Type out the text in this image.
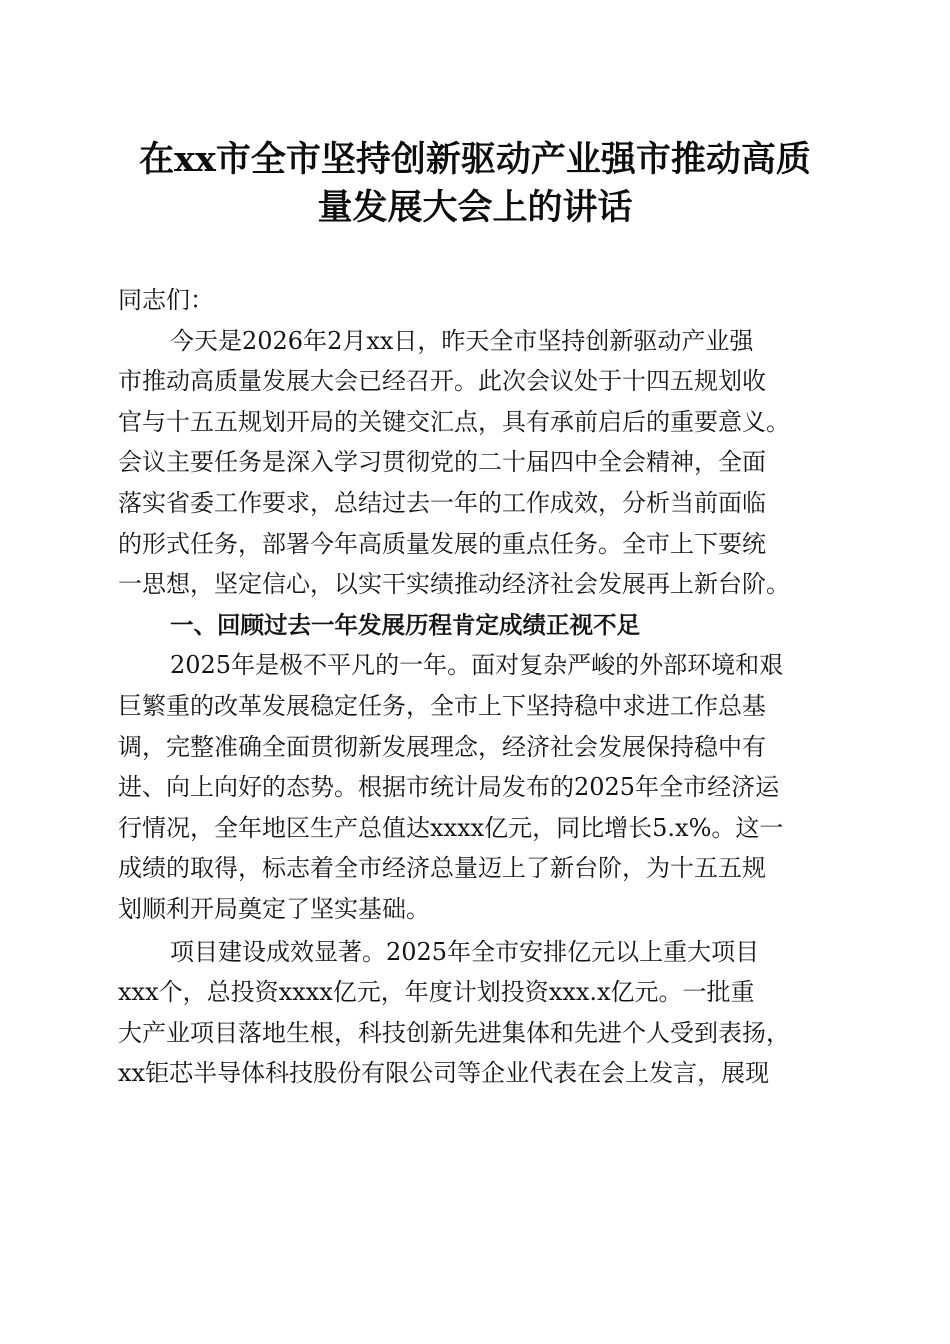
在xx市全市坚持创新驱动产业强市推动高质
量发展大会上的讲话
同志们：
今天是2026年2月xx日，昨天全市坚持创新驱动产业强
市推动高质量发展大会已经召开。此次会议处于十四五规划收
官与十五五规划开局的关键交汇点，具有承前启后的重要意义。
会议主要任务是深入学习贯彻党的二十届四中全会精神，全面
落实省委工作要求，总结过去一年的工作成效，分析当前面临
的形式任务，部署今年高质量发展的重点任务。全市上下要统
一思想，坚定信心，以实干实绩推动经济社会发展再上新台阶。
一、回顾过去一年发展历程肯定成绩正视不足
2025年是极不平凡的一年。面对复杂严峻的外部环境和艰
巨繁重的改革发展稳定任务，全市上下坚持稳中求进工作总基
调，完整准确全面贯彻新发展理念，经济社会发展保持稳中有
进、向上向好的态势。根据市统计局发布的2025年全市经济运
行情况，全年地区生产总值达xxxx亿元，同比增长5.x%。这一
成绩的取得，标志着全市经济总量迈上了新台阶，为十五五规
划顺利开局奠定了坚实基础。
项目建设成效显著。2025年全市安排亿元以上重大项目
xxx个，总投资xxxx亿元，年度计划投资xxx.x亿元。一批重
大产业项目落地生根，科技创新先进集体和先进个人受到表扬，
xx钜芯半导体科技股份有限公司等企业代表在会上发言，展现
